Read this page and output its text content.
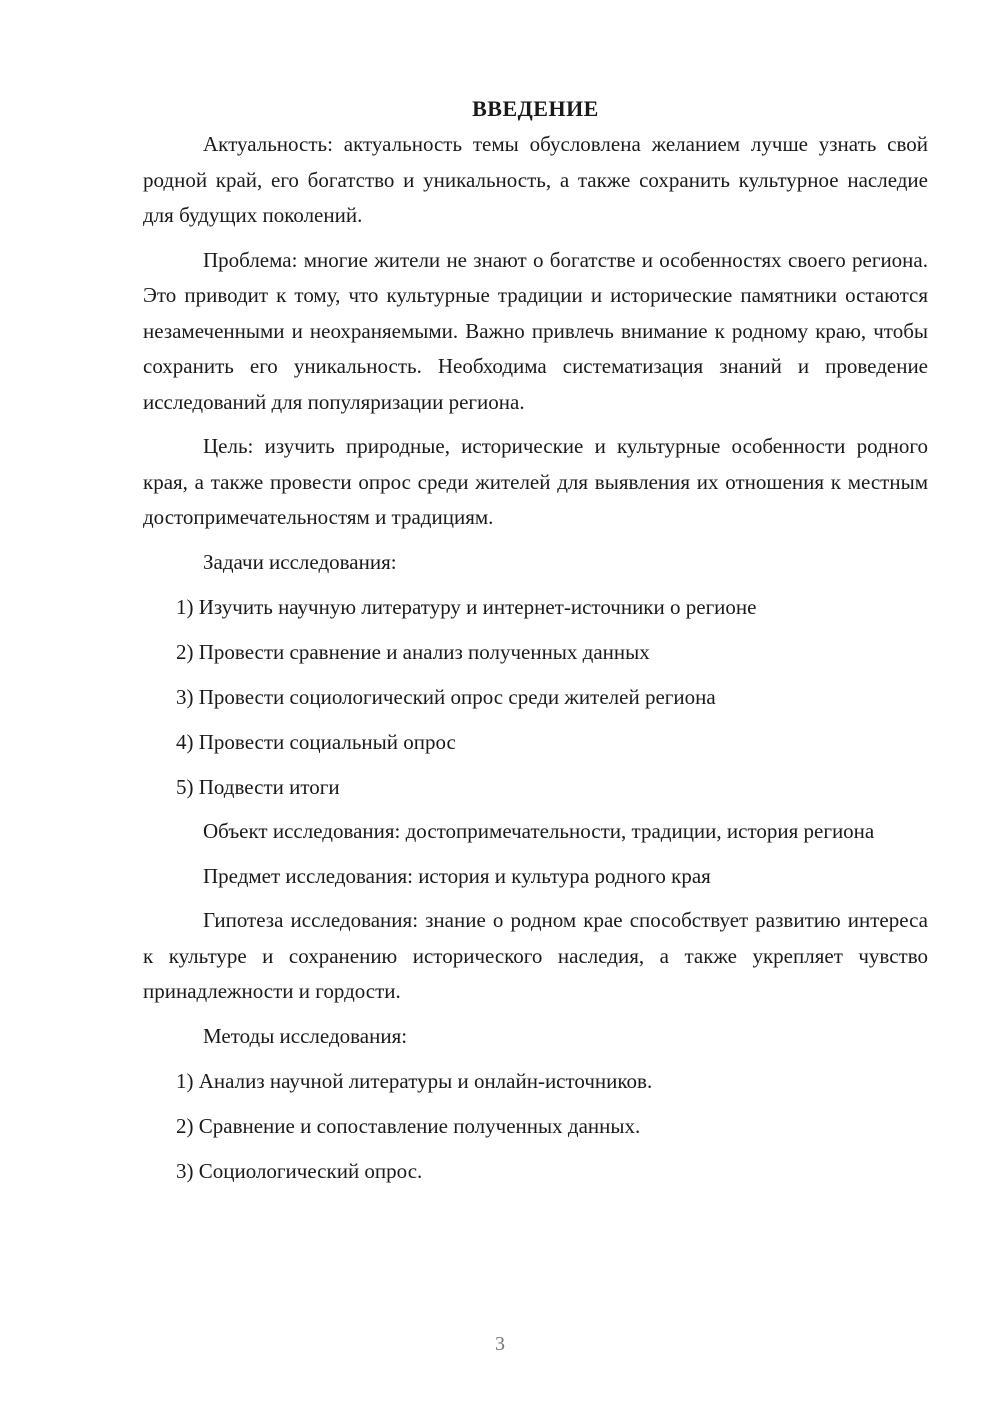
ВВЕДЕНИЕ

Актуальность: актуальность темы обусловлена желанием лучше узнать свой родной край, его богатство и уникальность, а также сохранить культурное наследие для будущих поколений.

Проблема: многие жители не знают о богатстве и особенностях своего региона. Это приводит к тому, что культурные традиции и исторические памятники остаются незамеченными и неохраняемыми. Важно привлечь внимание к родному краю, чтобы сохранить его уникальность. Необходима систематизация знаний и проведение исследований для популяризации региона.

Цель: изучить природные, исторические и культурные особенности родного края, а также провести опрос среди жителей для выявления их отношения к местным достопримечательностям и традициям.

Задачи исследования:

1) Изучить научную литературу и интернет-источники о регионе

2) Провести сравнение и анализ полученных данных

3) Провести социологический опрос среди жителей региона

4) Провести социальный опрос

5) Подвести итоги

Объект исследования: достопримечательности, традиции, история региона

Предмет исследования: история и культура родного края

Гипотеза исследования: знание о родном крае способствует развитию интереса к культуре и сохранению исторического наследия, а также укрепляет чувство принадлежности и гордости.

Методы исследования:

1) Анализ научной литературы и онлайн-источников.

2) Сравнение и сопоставление полученных данных.

3) Социологический опрос.

3
